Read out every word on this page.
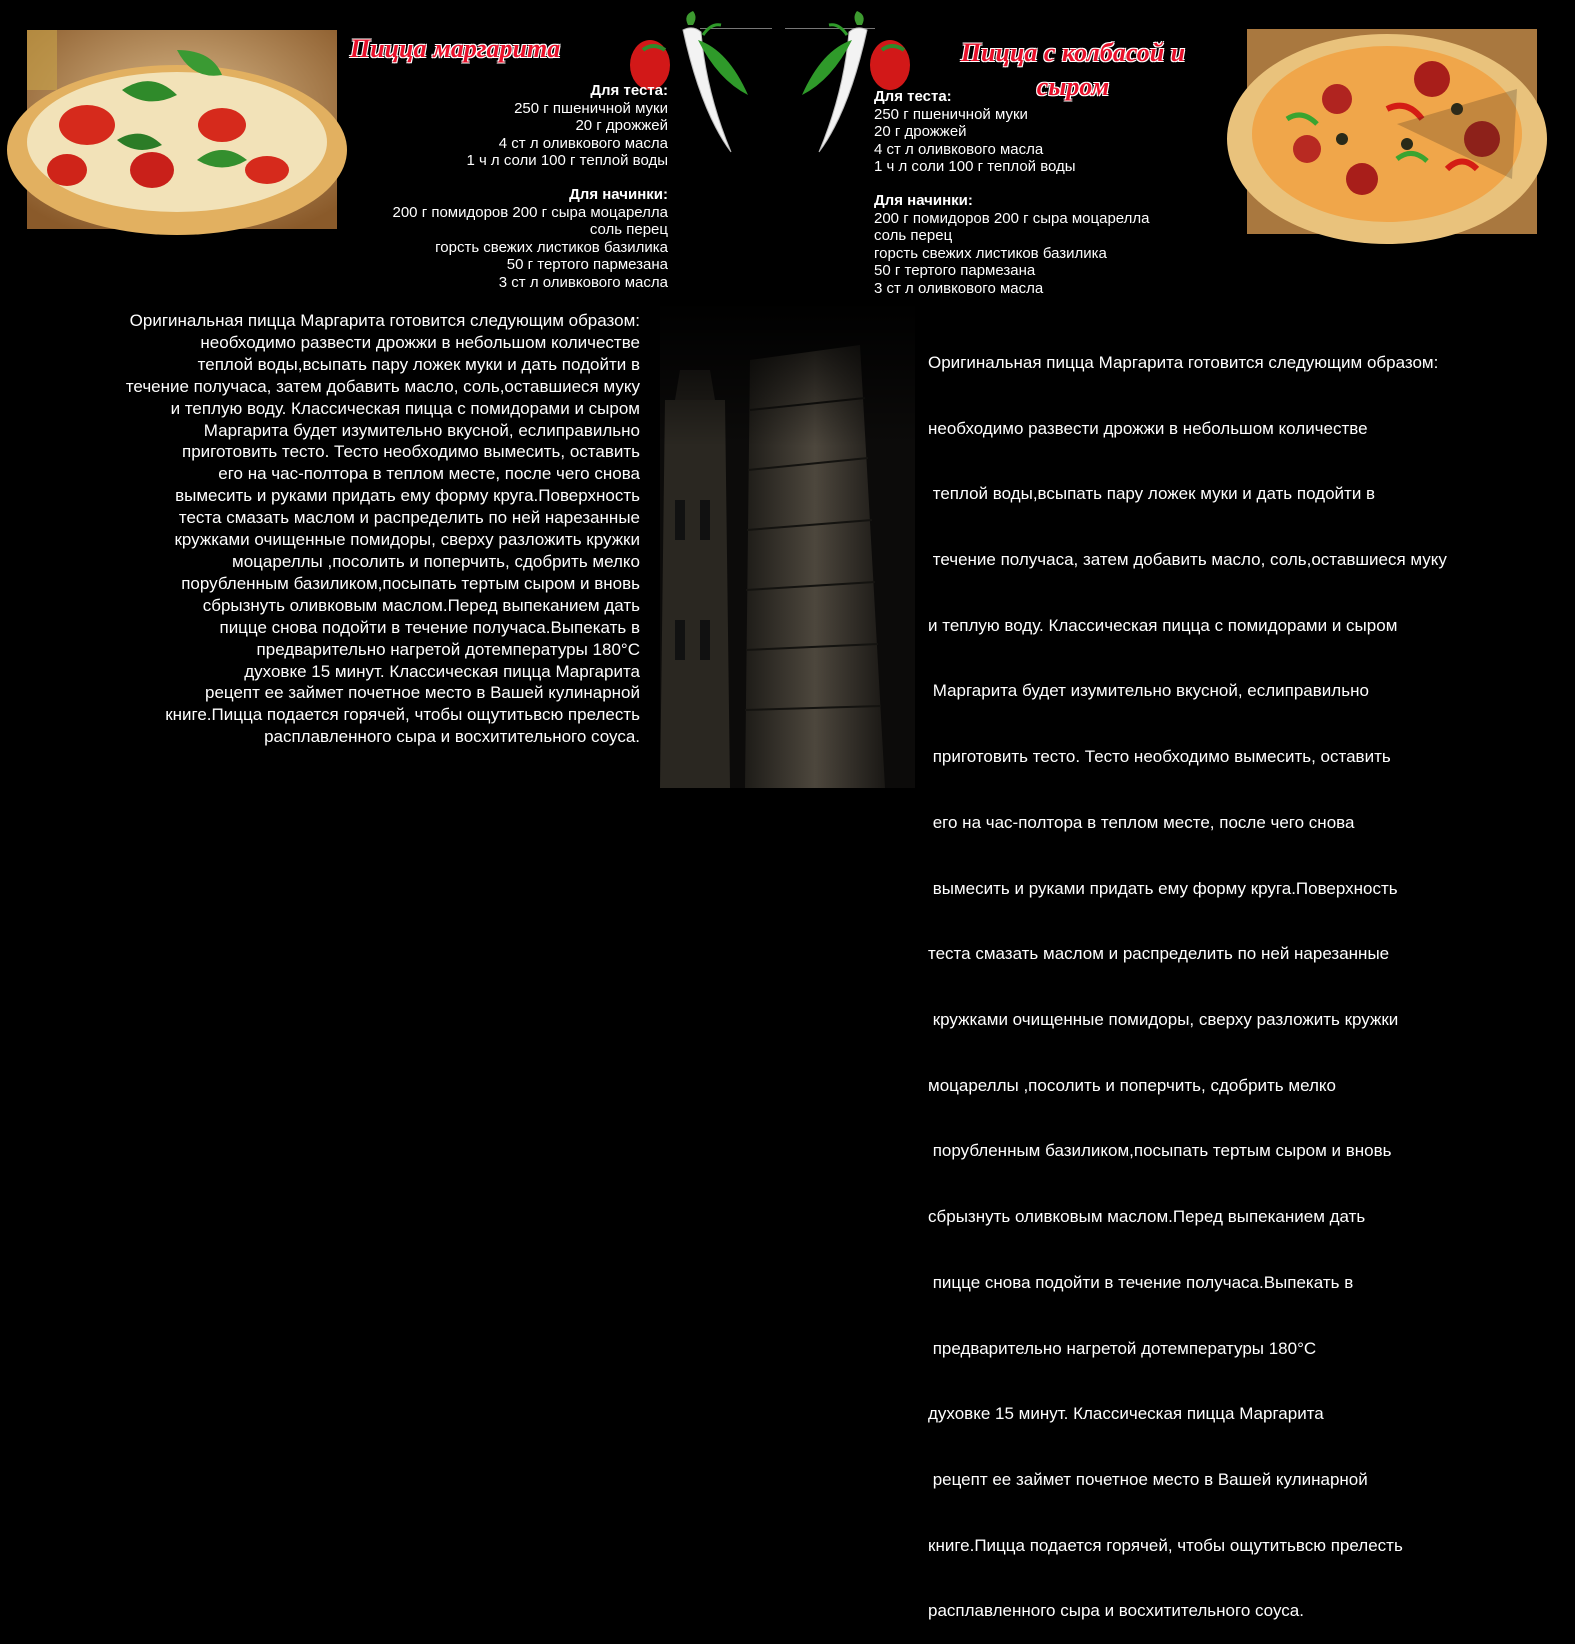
Пицца маргарита
Для теста:
250 г пшеничной муки
20 г дрожжей
4 ст л оливкового масла
1 ч л соли 100 г теплой воды
Для начинки:
200 г помидоров 200 г сыра моцарелла
соль перец
горсть свежих листиков базилика
50 г тертого пармезана
3 ст л оливкового масла
Оригинальная пицца Маргарита готовится следующим образом:
необходимо развести дрожжи в небольшом количестве
теплой воды,всыпать пару ложек муки и дать подойти в
течение получаса, затем добавить масло, соль,оставшиеся муку
и теплую воду. Классическая пицца с помидорами и сыром
Маргарита будет изумительно вкусной, еслиправильно
приготовить тесто. Тесто необходимо вымесить, оставить
его на час-полтора в теплом месте, после чего снова
вымесить и руками придать ему форму круга.Поверхность
теста смазать маслом и распределить по ней нарезанные
кружками очищенные помидоры, сверху разложить кружки
моцареллы ,посолить и поперчить, сдобрить мелко
порубленным базиликом,посыпать тертым сыром и вновь
сбрызнуть оливковым маслом.Перед выпеканием дать
пицце снова подойти в течение получаса.Выпекать в
предварительно нагретой дотемпературы 180°С
духовке 15 минут. Классическая пицца Маргарита
рецепт ее займет почетное место в Вашей кулинарной
книге.Пицца подается горячей, чтобы ощутитьвсю прелесть
расплавленного сыра и восхитительного соуса.
Пицца с колбасой и
сыром
Для теста:
250 г пшеничной муки
20 г дрожжей
4 ст л оливкового масла
1 ч л соли 100 г теплой воды
Для начинки:
200 г помидоров 200 г сыра моцарелла
соль перец
горсть свежих листиков базилика
50 г тертого пармезана
3 ст л оливкового масла

Оригинальная пицца Маргарита готовится следующим образом:

необходимо развести дрожжи в небольшом количестве

теплой воды,всыпать пару ложек муки и дать подойти в

течение получаса, затем добавить масло, соль,оставшиеся муку

и теплую воду. Классическая пицца с помидорами и сыром

Маргарита будет изумительно вкусной, еслиправильно

приготовить тесто. Тесто необходимо вымесить, оставить

его на час-полтора в теплом месте, после чего снова

вымесить и руками придать ему форму круга.Поверхность

теста смазать маслом и распределить по ней нарезанные

кружками очищенные помидоры, сверху разложить кружки

моцареллы ,посолить и поперчить, сдобрить мелко

порубленным базиликом,посыпать тертым сыром и вновь

сбрызнуть оливковым маслом.Перед выпеканием дать

пицце снова подойти в течение получаса.Выпекать в

предварительно нагретой дотемпературы 180°С

духовке 15 минут. Классическая пицца Маргарита

рецепт ее займет почетное место в Вашей кулинарной

книге.Пицца подается горячей, чтобы ощутитьвсю прелесть

расплавленного сыра и восхитительного соуса.
